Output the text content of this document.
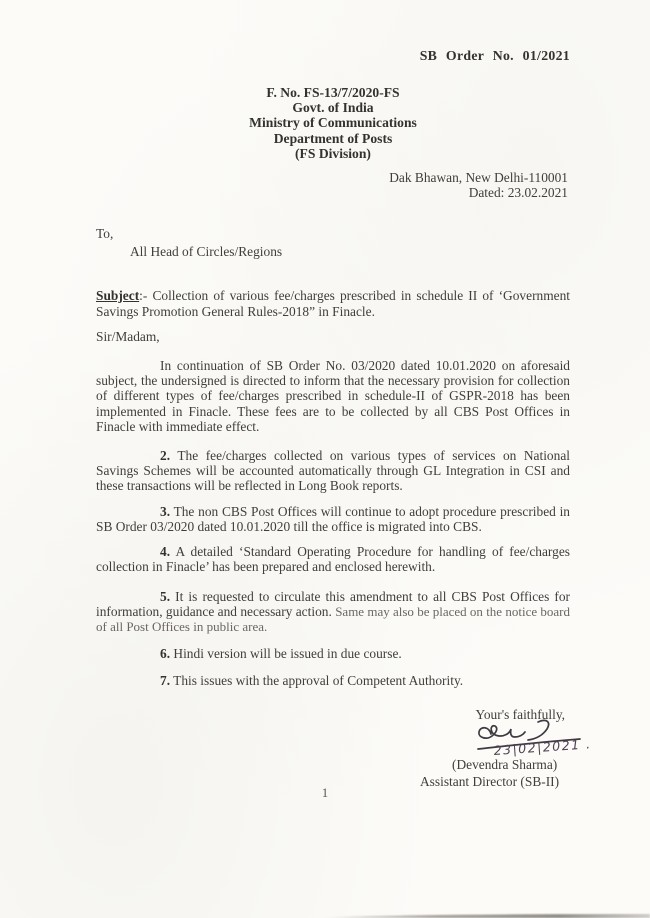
SB Order No. 01/2021
F. No. FS-13/7/2020-FS
Govt. of India
Ministry of Communications
Department of Posts
(FS Division)
Dak Bhawan, New Delhi-110001
Dated: 23.02.2021
To,
All Head of Circles/Regions
Subject:- Collection of various fee/charges prescribed in schedule II of ‘Government Savings Promotion General Rules-2018” in Finacle.
Sir/Madam,

In continuation of SB Order No. 03/2020 dated 10.01.2020 on aforesaid subject, the undersigned is directed to inform that the necessary provision for collection of different types of fee/charges prescribed in schedule-II of GSPR-2018 has been implemented in Finacle. These fees are to be collected by all CBS Post Offices in Finacle with immediate effect.

2. The fee/charges collected on various types of services on National Savings Schemes will be accounted automatically through GL Integration in CSI and these transactions will be reflected in Long Book reports.

3. The non CBS Post Offices will continue to adopt procedure prescribed in SB Order 03/2020 dated 10.01.2020 till the office is migrated into CBS.

4. A detailed ‘Standard Operating Procedure for handling of fee/charges collection in Finacle’ has been prepared and enclosed herewith.

5. It is requested to circulate this amendment to all CBS Post Offices for information, guidance and necessary action. Same may also be placed on the notice board of all Post Offices in public area.

6. Hindi version will be issued in due course.

7. This issues with the approval of Competent Authority.

Your's faithfully,
23|02|2021 .
(Devendra Sharma)
Assistant Director (SB-II)
1
